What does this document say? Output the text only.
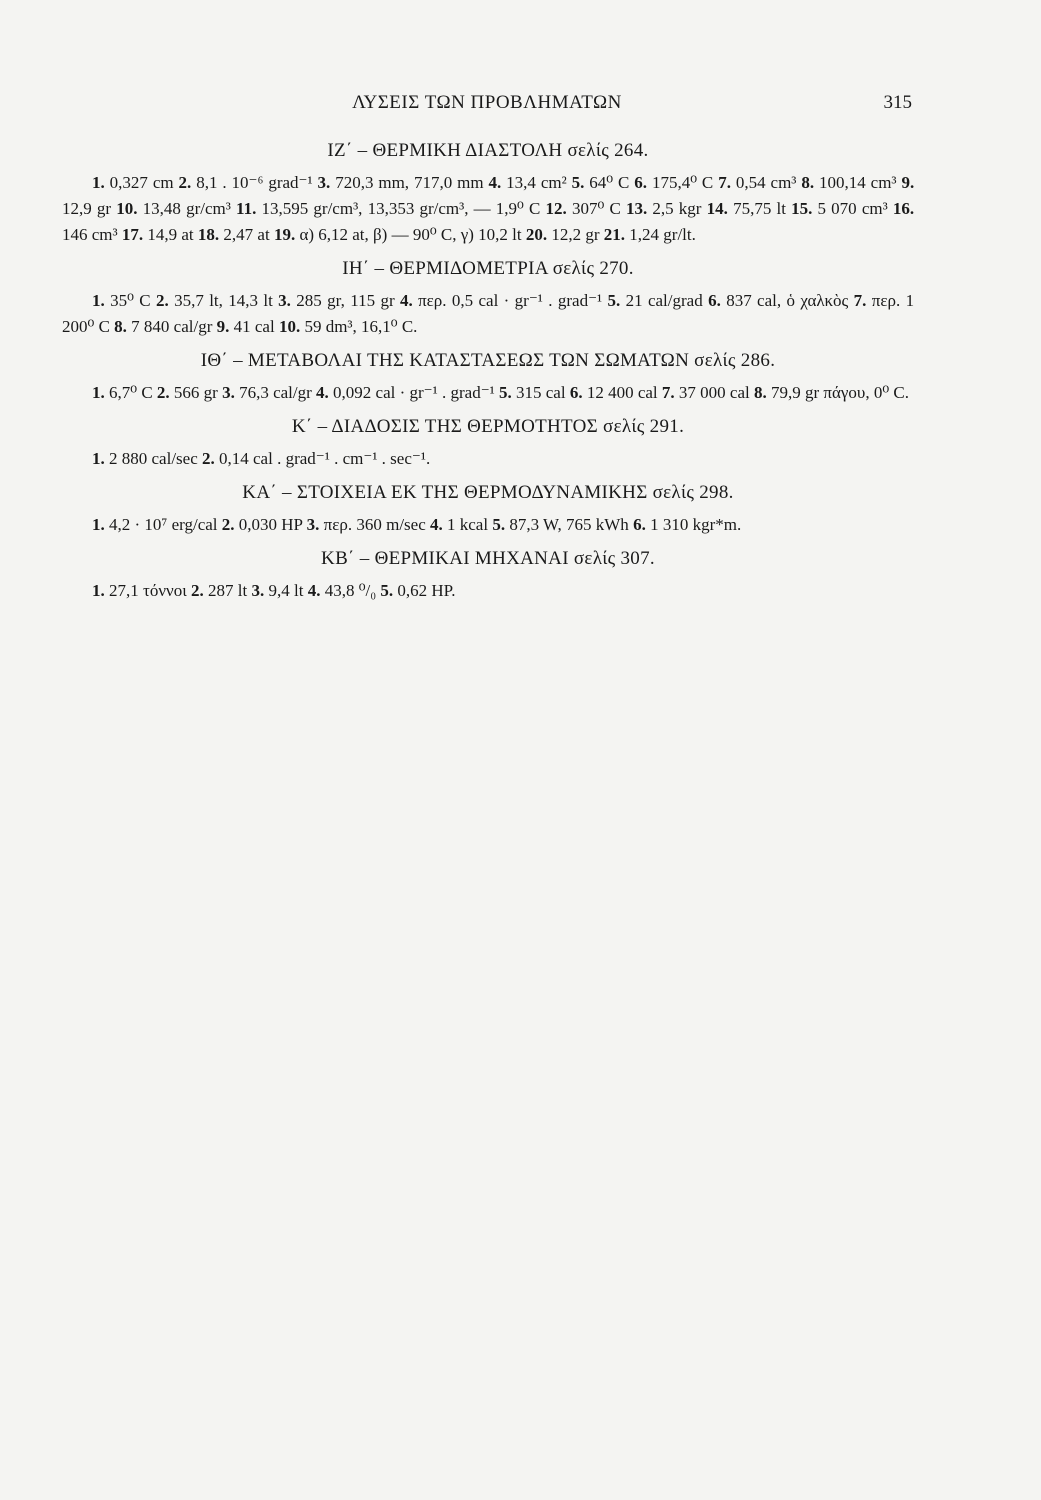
ΛΥΣΕΙΣ ΤΩΝ ΠΡΟΒΛΗΜΑΤΩΝ	315
ΙΖ΄ – ΘΕΡΜΙΚΗ ΔΙΑΣΤΟΛΗ σελίς 264.

1. 0,327 cm 2. 8,1 . 10⁻⁶ grad⁻¹ 3. 720,3 mm, 717,0 mm 4. 13,4 cm² 5. 64⁰ C 6. 175,4⁰ C 7. 0,54 cm³ 8. 100,14 cm³ 9. 12,9 gr 10. 13,48 gr/cm³ 11. 13,595 gr/cm³, 13,353 gr/cm³, — 1,9⁰ C 12. 307⁰ C 13. 2,5 kgr 14. 75,75 lt 15. 5 070 cm³ 16. 146 cm³ 17. 14,9 at 18. 2,47 at 19. α) 6,12 at, β) — 90⁰ C, γ) 10,2 lt 20. 12,2 gr 21. 1,24 gr/lt.

ΙΗ΄ – ΘΕΡΜΙΔΟΜΕΤΡΙΑ σελίς 270.

1. 35⁰ C 2. 35,7 lt, 14,3 lt 3. 285 gr, 115 gr 4. περ. 0,5 cal · gr⁻¹ . grad⁻¹ 5. 21 cal/grad 6. 837 cal, ὁ χαλκὸς 7. περ. 1 200⁰ C 8. 7 840 cal/gr 9. 41 cal 10. 59 dm³, 16,1⁰ C.

ΙΘ΄ – ΜΕΤΑΒΟΛΑΙ ΤΗΣ ΚΑΤΑΣΤΑΣΕΩΣ ΤΩΝ ΣΩΜΑΤΩΝ σελίς 286.

1. 6,7⁰ C 2. 566 gr 3. 76,3 cal/gr 4. 0,092 cal · gr⁻¹ . grad⁻¹ 5. 315 cal 6. 12 400 cal 7. 37 000 cal 8. 79,9 gr πάγου, 0⁰ C.

Κ΄ – ΔΙΑΔΟΣΙΣ ΤΗΣ ΘΕΡΜΟΤΗΤΟΣ σελίς 291.

1. 2 880 cal/sec 2. 0,14 cal . grad⁻¹ . cm⁻¹ . sec⁻¹.

ΚΑ΄ – ΣΤΟΙΧΕΙΑ ΕΚ ΤΗΣ ΘΕΡΜΟΔΥΝΑΜΙΚΗΣ σελίς 298.

1. 4,2 · 10⁷ erg/cal 2. 0,030 HP 3. περ. 360 m/sec 4. 1 kcal 5. 87,3 W, 765 kWh 6. 1 310 kgr*m.

ΚΒ΄ – ΘΕΡΜΙΚΑΙ ΜΗΧΑΝΑΙ σελίς 307.

1. 27,1 τόννοι 2. 287 lt 3. 9,4 lt 4. 43,8 ⁰/₀ 5. 0,62 HP.
